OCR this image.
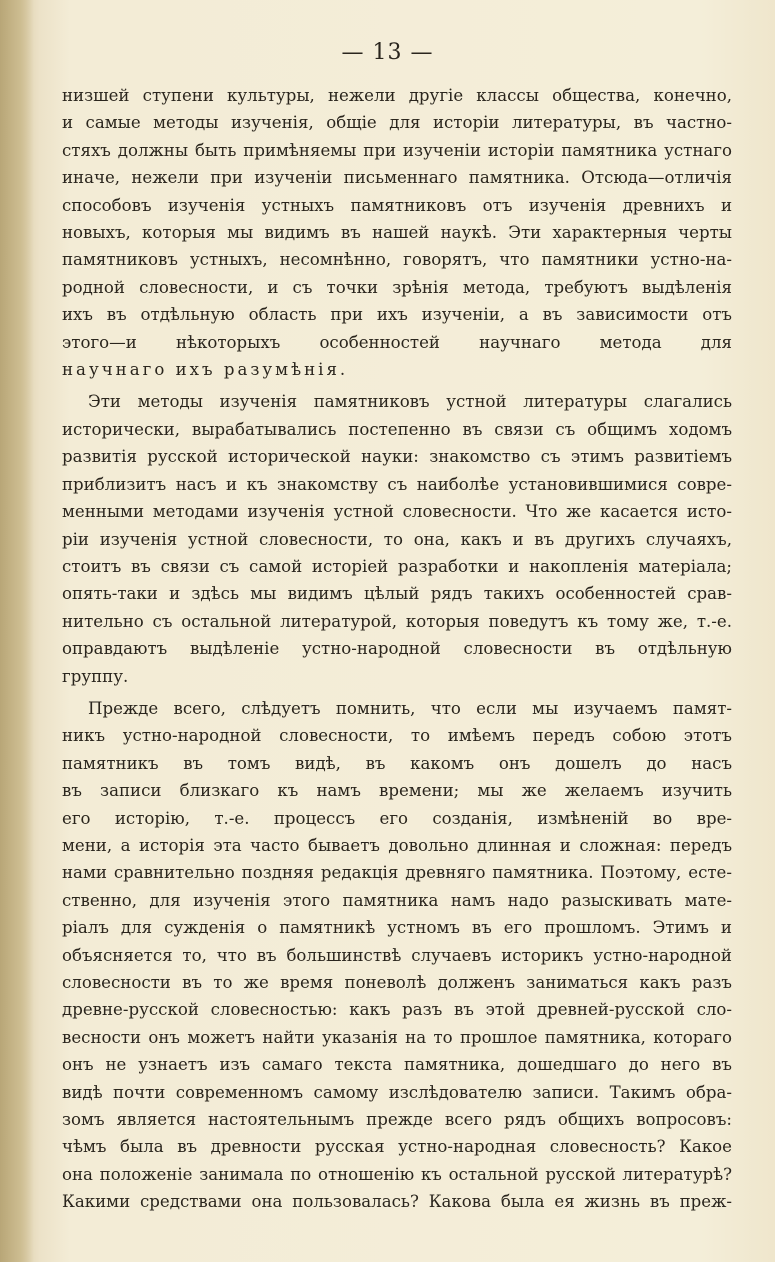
— 13 —
низшей ступени культуры, нежели другіе классы общества, конечно,
и самые методы изученія, общіе для исторіи литературы, въ частно-
стяхъ должны быть примѣняемы при изученіи исторіи памятника устнаго
иначе, нежели при изученіи письменнаго памятника. Отсюда—отличія
способовъ изученія устныхъ памятниковъ отъ изученія древнихъ и
новыхъ, которыя мы видимъ въ нашей наукѣ. Эти характерныя черты
памятниковъ устныхъ, несомнѣнно, говорятъ, что памятники устно-на-
родной словесности, и съ точки зрѣнія метода, требуютъ выдѣленія
ихъ въ отдѣльную область при ихъ изученіи, а въ зависимости отъ
этого—и нѣкоторыхъ особенностей научнаго метода для
научнаго ихъ разумѣнія.
Эти методы изученія памятниковъ устной литературы слагались
исторически, вырабатывались постепенно въ связи съ общимъ ходомъ
развитія русской исторической науки: знакомство съ этимъ развитіемъ
приблизитъ насъ и къ знакомству съ наиболѣе установившимися совре-
менными методами изученія устной словесности. Что же касается исто-
ріи изученія устной словесности, то она, какъ и въ другихъ случаяхъ,
стоитъ въ связи съ самой исторіей разработки и накопленія матеріала;
опять-таки и здѣсь мы видимъ цѣлый рядъ такихъ особенностей срав-
нительно съ остальной литературой, которыя поведутъ къ тому же, т.-е.
оправдаютъ выдѣленіе устно-народной словесности въ отдѣльную
группу.
Прежде всего, слѣдуетъ помнить, что если мы изучаемъ памят-
никъ устно-народной словесности, то имѣемъ передъ собою этотъ
памятникъ въ томъ видѣ, въ какомъ онъ дошелъ до насъ
въ записи близкаго къ намъ времени; мы же желаемъ изучить
его исторію, т.-е. процессъ его созданія, измѣненій во вре-
мени, а исторія эта часто бываетъ довольно длинная и сложная: передъ
нами сравнительно поздняя редакція древняго памятника. Поэтому, есте-
ственно, для изученія этого памятника намъ надо разыскивать мате-
ріалъ для сужденія о памятникѣ устномъ въ его прошломъ. Этимъ и
объясняется то, что въ большинствѣ случаевъ историкъ устно-народной
словесности въ то же время поневолѣ долженъ заниматься какъ разъ
древне-русской словесностью: какъ разъ въ этой древней-русской сло-
весности онъ можетъ найти указанія на то прошлое памятника, котораго
онъ не узнаетъ изъ самаго текста памятника, дошедшаго до него въ
видѣ почти современномъ самому изслѣдователю записи. Такимъ обра-
зомъ является настоятельнымъ прежде всего рядъ общихъ вопросовъ:
чѣмъ была въ древности русская устно-народная словесность? Какое
она положеніе занимала по отношенію къ остальной русской литературѣ?
Какими средствами она пользовалась? Какова была ея жизнь въ преж-
